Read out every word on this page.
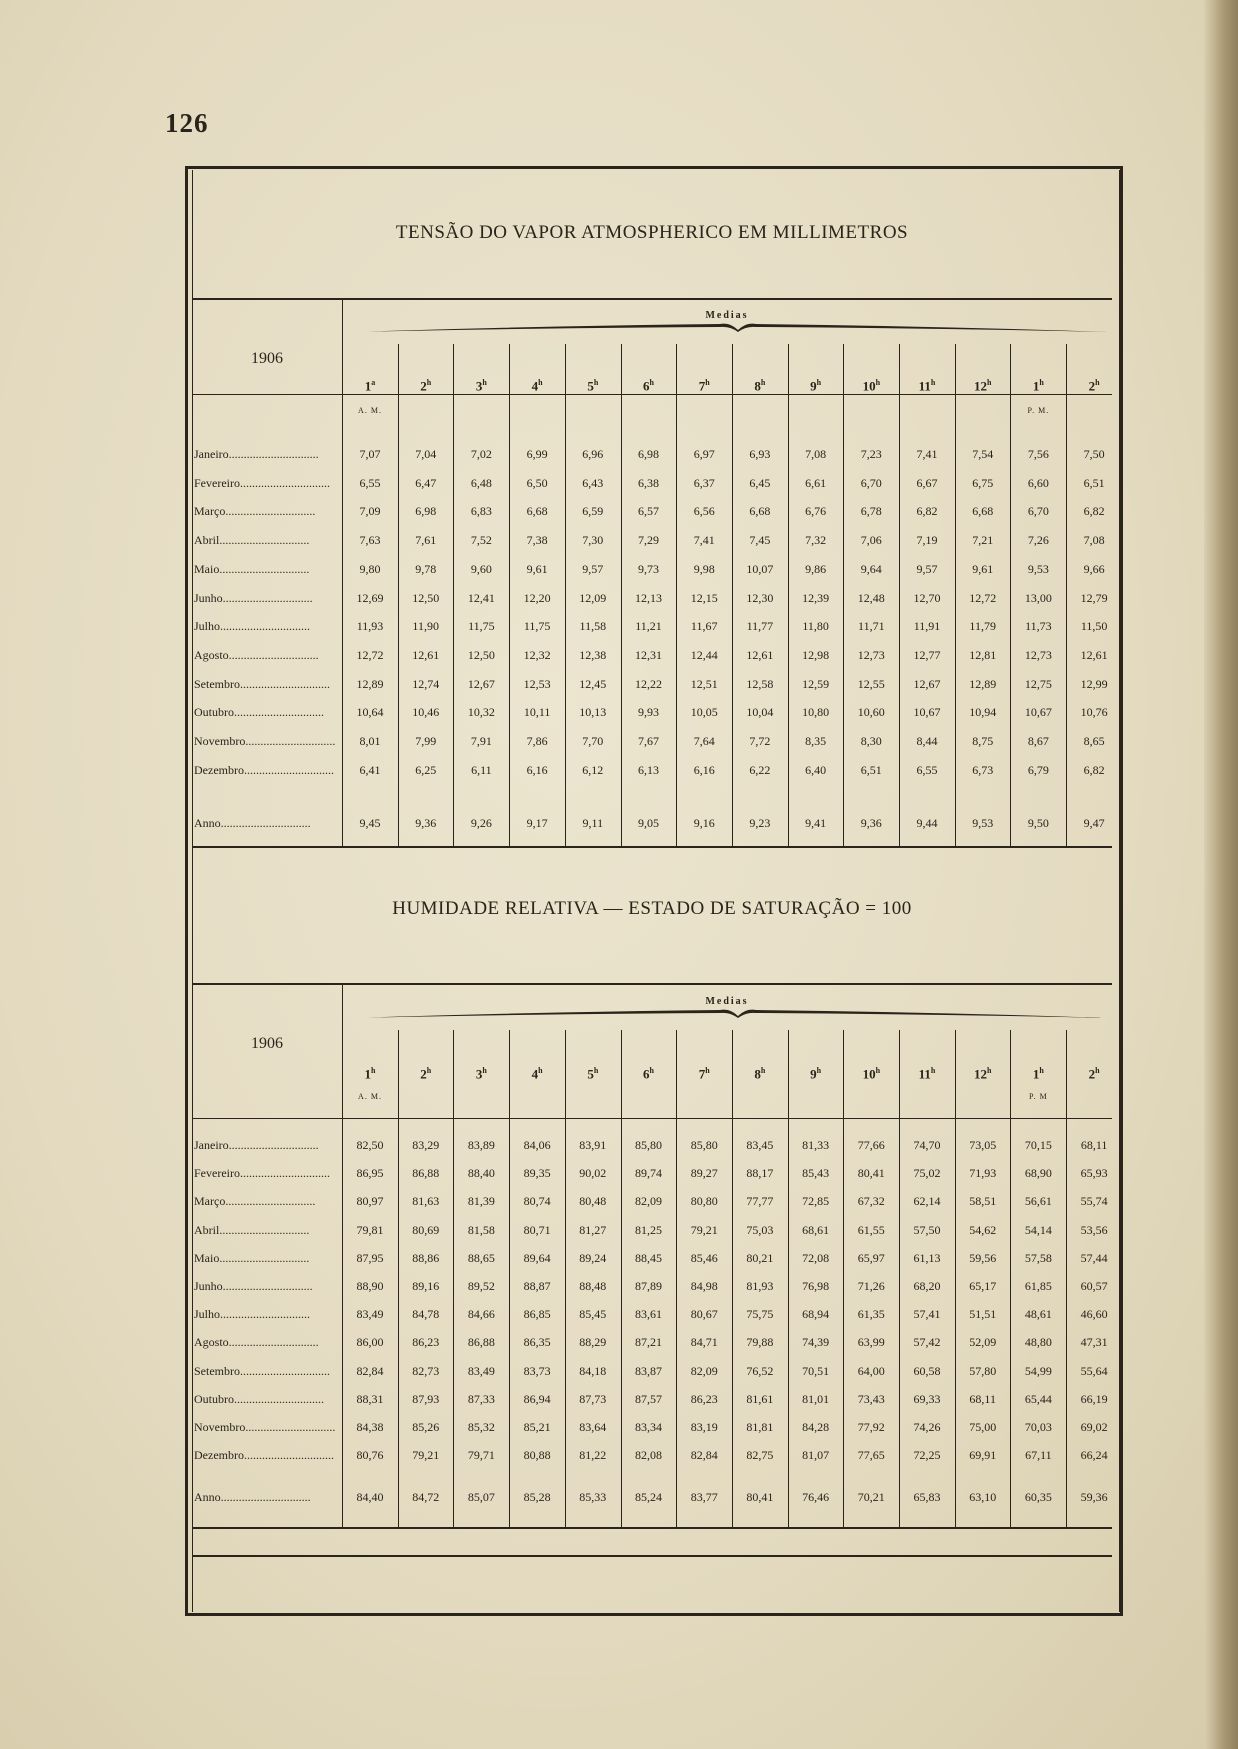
126
TENSÃO DO VAPOR ATMOSPHERICO EM MILLIMETROS
1906
Medias
1$^a$	2$^h$	3$^h$	4$^h$	5$^h$	6$^h$	7$^h$	8$^h$	9$^h$	10$^h$	11$^h$	12$^h$	1$^h$	2$^h$
A. M.	P. M.
Janeiro..............................	7,07	7,04	7,02	6,99	6,96	6,98	6,97	6,93	7,08	7,23	7,41	7,54	7,56	7,50
Fevereiro..............................	6,55	6,47	6,48	6,50	6,43	6,38	6,37	6,45	6,61	6,70	6,67	6,75	6,60	6,51
Março..............................	7,09	6,98	6,83	6,68	6,59	6,57	6,56	6,68	6,76	6,78	6,82	6,68	6,70	6,82
Abril..............................	7,63	7,61	7,52	7,38	7,30	7,29	7,41	7,45	7,32	7,06	7,19	7,21	7,26	7,08
Maio..............................	9,80	9,78	9,60	9,61	9,57	9,73	9,98	10,07	9,86	9,64	9,57	9,61	9,53	9,66
Junho..............................	12,69	12,50	12,41	12,20	12,09	12,13	12,15	12,30	12,39	12,48	12,70	12,72	13,00	12,79
Julho..............................	11,93	11,90	11,75	11,75	11,58	11,21	11,67	11,77	11,80	11,71	11,91	11,79	11,73	11,50
Agosto..............................	12,72	12,61	12,50	12,32	12,38	12,31	12,44	12,61	12,98	12,73	12,77	12,81	12,73	12,61
Setembro..............................	12,89	12,74	12,67	12,53	12,45	12,22	12,51	12,58	12,59	12,55	12,67	12,89	12,75	12,99
Outubro..............................	10,64	10,46	10,32	10,11	10,13	9,93	10,05	10,04	10,80	10,60	10,67	10,94	10,67	10,76
Novembro..............................	8,01	7,99	7,91	7,86	7,70	7,67	7,64	7,72	8,35	8,30	8,44	8,75	8,67	8,65
Dezembro..............................	6,41	6,25	6,11	6,16	6,12	6,13	6,16	6,22	6,40	6,51	6,55	6,73	6,79	6,82
Anno..............................	9,45	9,36	9,26	9,17	9,11	9,05	9,16	9,23	9,41	9,36	9,44	9,53	9,50	9,47
HUMIDADE RELATIVA — ESTADO DE SATURAÇÃO = 100
1906
Medias
1$^h$	2$^h$	3$^h$	4$^h$	5$^h$	6$^h$	7$^h$	8$^h$	9$^h$	10$^h$	11$^h$	12$^h$	1$^h$	2$^h$
A. M.	P. M
Janeiro..............................	82,50	83,29	83,89	84,06	83,91	85,80	85,80	83,45	81,33	77,66	74,70	73,05	70,15	68,11
Fevereiro..............................	86,95	86,88	88,40	89,35	90,02	89,74	89,27	88,17	85,43	80,41	75,02	71,93	68,90	65,93
Março..............................	80,97	81,63	81,39	80,74	80,48	82,09	80,80	77,77	72,85	67,32	62,14	58,51	56,61	55,74
Abril..............................	79,81	80,69	81,58	80,71	81,27	81,25	79,21	75,03	68,61	61,55	57,50	54,62	54,14	53,56
Maio..............................	87,95	88,86	88,65	89,64	89,24	88,45	85,46	80,21	72,08	65,97	61,13	59,56	57,58	57,44
Junho..............................	88,90	89,16	89,52	88,87	88,48	87,89	84,98	81,93	76,98	71,26	68,20	65,17	61,85	60,57
Julho..............................	83,49	84,78	84,66	86,85	85,45	83,61	80,67	75,75	68,94	61,35	57,41	51,51	48,61	46,60
Agosto..............................	86,00	86,23	86,88	86,35	88,29	87,21	84,71	79,88	74,39	63,99	57,42	52,09	48,80	47,31
Setembro..............................	82,84	82,73	83,49	83,73	84,18	83,87	82,09	76,52	70,51	64,00	60,58	57,80	54,99	55,64
Outubro..............................	88,31	87,93	87,33	86,94	87,73	87,57	86,23	81,61	81,01	73,43	69,33	68,11	65,44	66,19
Novembro..............................	84,38	85,26	85,32	85,21	83,64	83,34	83,19	81,81	84,28	77,92	74,26	75,00	70,03	69,02
Dezembro..............................	80,76	79,21	79,71	80,88	81,22	82,08	82,84	82,75	81,07	77,65	72,25	69,91	67,11	66,24
Anno..............................	84,40	84,72	85,07	85,28	85,33	85,24	83,77	80,41	76,46	70,21	65,83	63,10	60,35	59,36
